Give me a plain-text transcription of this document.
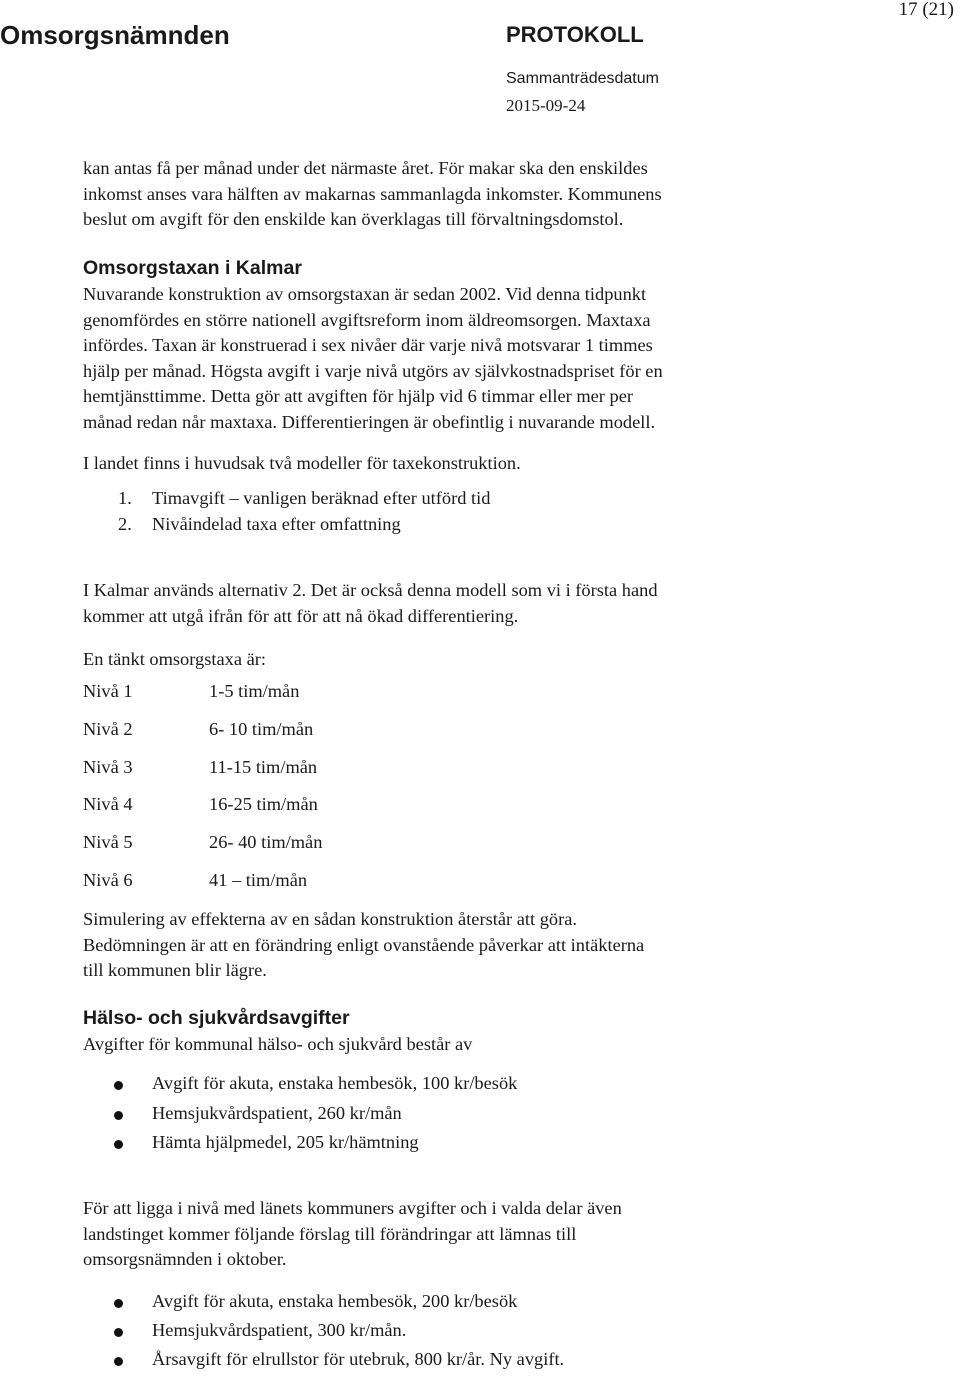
Omsorgsnämnden	PROTOKOLL
17 (21)
Sammanträdesdatum
2015-09-24
kan antas få per månad under det närmaste året. För makar ska den enskildes
inkomst anses vara hälften av makarnas sammanlagda inkomster. Kommunens
beslut om avgift för den enskilde kan överklagas till förvaltningsdomstol.
Omsorgstaxan i Kalmar
Nuvarande konstruktion av omsorgstaxan är sedan 2002. Vid denna tidpunkt
genomfördes en större nationell avgiftsreform inom äldreomsorgen. Maxtaxa
infördes. Taxan är konstruerad i sex nivåer där varje nivå motsvarar 1 timmes
hjälp per månad. Högsta avgift i varje nivå utgörs av självkostnadspriset för en
hemtjänsttimme. Detta gör att avgiften för hjälp vid 6 timmar eller mer per
månad redan når maxtaxa. Differentieringen är obefintlig i nuvarande modell.
I landet finns i huvudsak två modeller för taxekonstruktion.
1. Timavgift – vanligen beräknad efter utförd tid
2. Nivåindelad taxa efter omfattning
I Kalmar används alternativ 2. Det är också denna modell som vi i första hand
kommer att utgå ifrån för att för att nå ökad differentiering.
En tänkt omsorgstaxa är:
Nivå 1	1-5 tim/mån
Nivå 2	6- 10 tim/mån
Nivå 3	11-15 tim/mån
Nivå 4	16-25 tim/mån
Nivå 5	26- 40 tim/mån
Nivå 6	41 – tim/mån
Simulering av effekterna av en sådan konstruktion återstår att göra.
Bedömningen är att en förändring enligt ovanstående påverkar att intäkterna
till kommunen blir lägre.
Hälso- och sjukvårdsavgifter
Avgifter för kommunal hälso- och sjukvård består av
Avgift för akuta, enstaka hembesök, 100 kr/besök
Hemsjukvårdspatient, 260 kr/mån
Hämta hjälpmedel, 205 kr/hämtning
För att ligga i nivå med länets kommuners avgifter och i valda delar även
landstinget kommer följande förslag till förändringar att lämnas till
omsorgsnämnden i oktober.
Avgift för akuta, enstaka hembesök, 200 kr/besök
Hemsjukvårdspatient, 300 kr/mån.
Årsavgift för elrullstor för utebruk, 800 kr/år. Ny avgift.
